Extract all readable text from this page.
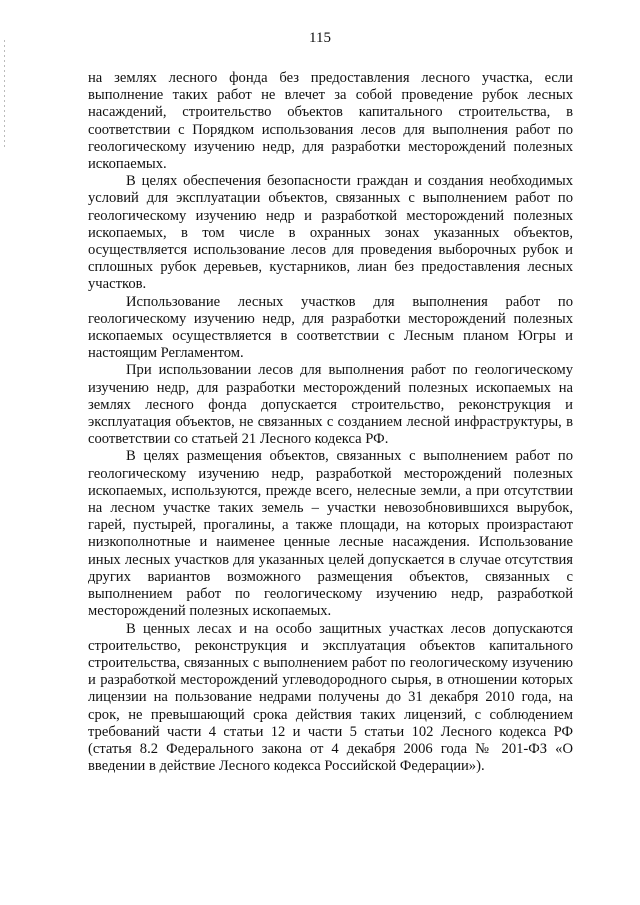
115

на землях лесного фонда без предоставления лесного участка, если выполнение таких работ не влечет за собой проведение рубок лесных насаждений, строительство объектов капитального строительства, в соответствии с Порядком использования лесов для выполнения работ по геологическому изучению недр, для разработки месторождений полезных ископаемых.

В целях обеспечения безопасности граждан и создания необходимых условий для эксплуатации объектов, связанных с выполнением работ по геологическому изучению недр и разработкой месторождений полезных ископаемых, в том числе в охранных зонах указанных объектов, осуществляется использование лесов для проведения выборочных рубок и сплошных рубок деревьев, кустарников, лиан без предоставления лесных участков.

Использование лесных участков для выполнения работ по геологическому изучению недр, для разработки месторождений полезных ископаемых осуществляется в соответствии с Лесным планом Югры и настоящим Регламентом.

При использовании лесов для выполнения работ по геологическому изучению недр, для разработки месторождений полезных ископаемых на землях лесного фонда допускается строительство, реконструкция и эксплуатация объектов, не связанных с созданием лесной инфраструктуры, в соответствии со статьей 21 Лесного кодекса РФ.

В целях размещения объектов, связанных с выполнением работ по геологическому изучению недр, разработкой месторождений полезных ископаемых, используются, прежде всего, нелесные земли, а при отсутствии на лесном участке таких земель – участки невозобновившихся вырубок, гарей, пустырей, прогалины, а также площади, на которых произрастают низкополнотные и наименее ценные лесные насаждения. Использование иных лесных участков для указанных целей допускается в случае отсутствия других вариантов возможного размещения объектов, связанных с выполнением работ по геологическому изучению недр, разработкой месторождений полезных ископаемых.

В ценных лесах и на особо защитных участках лесов допускаются строительство, реконструкция и эксплуатация объектов капитального строительства, связанных с выполнением работ по геологическому изучению и разработкой месторождений углеводородного сырья, в отношении которых лицензии на пользование недрами получены до 31 декабря 2010 года, на срок, не превышающий срока действия таких лицензий, с соблюдением требований части 4 статьи 12 и части 5 статьи 102 Лесного кодекса РФ (статья 8.2 Федерального закона от 4 декабря 2006 года № 201-ФЗ «О введении в действие Лесного кодекса Российской Федерации»).
